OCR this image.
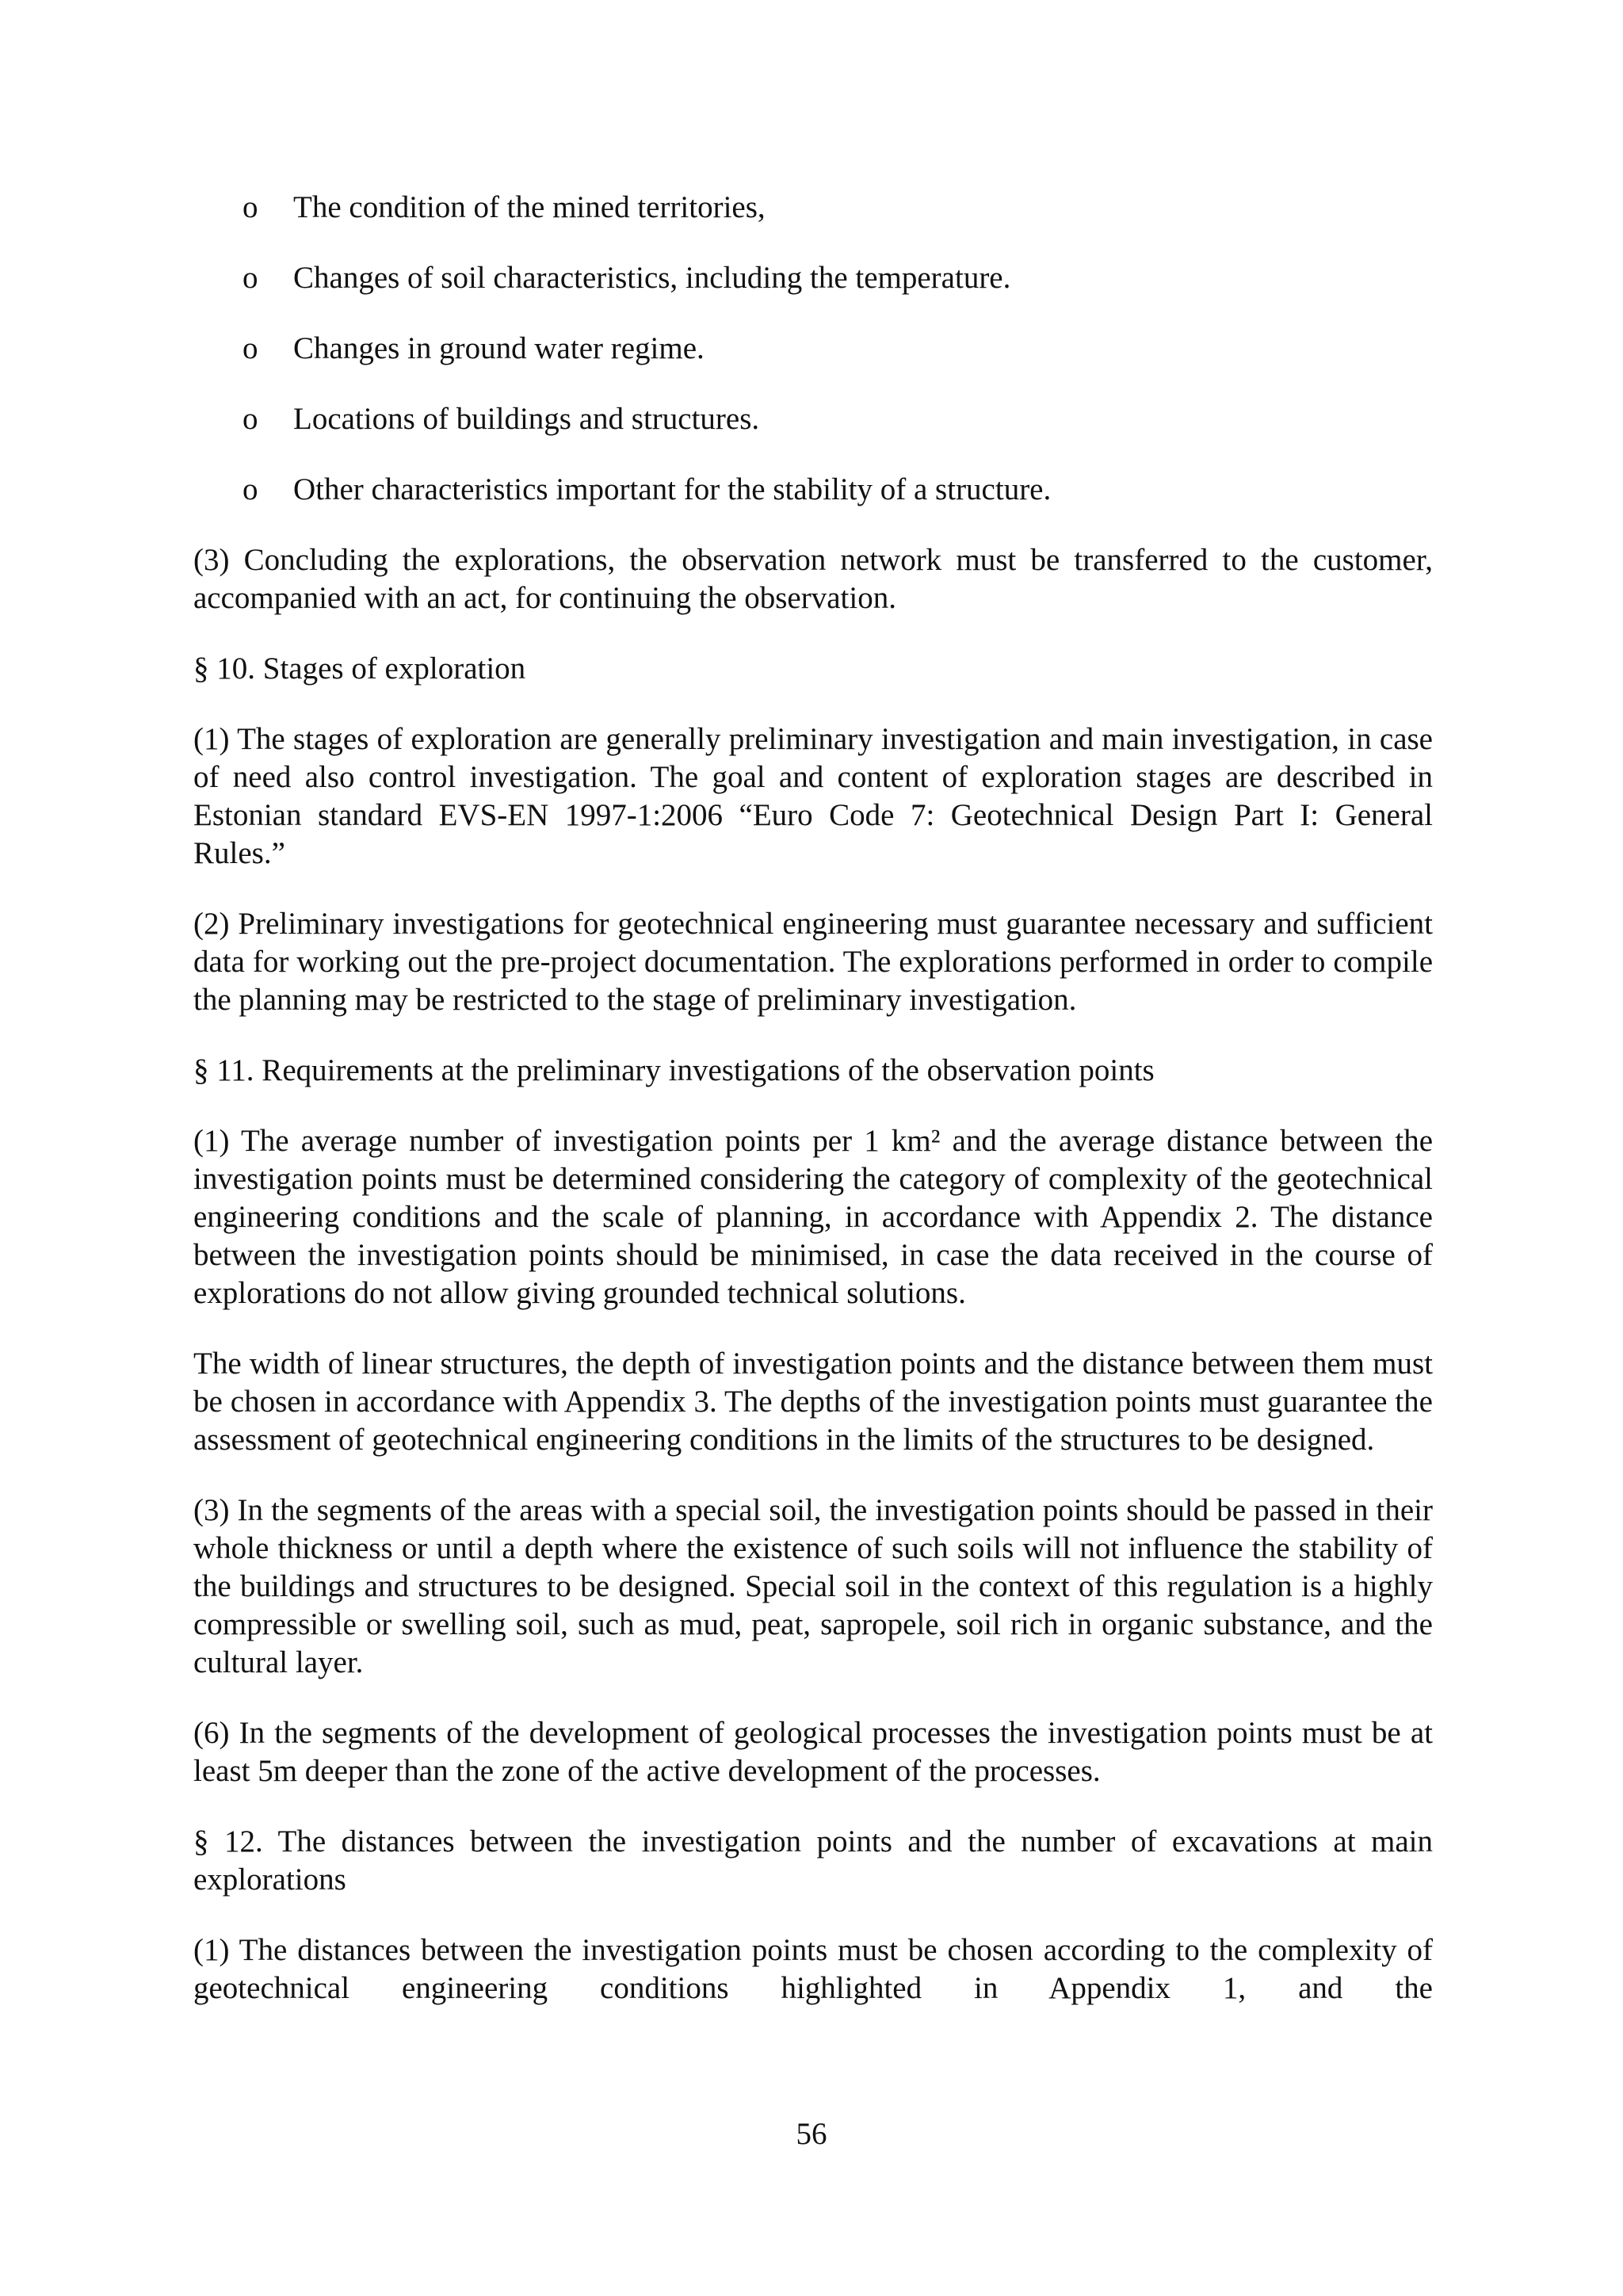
o The condition of the mined territories,
o Changes of soil characteristics, including the temperature.
o Changes in ground water regime.
o Locations of buildings and structures.
o Other characteristics important for the stability of a structure.

(3) Concluding the explorations, the observation network must be transferred to the customer, accompanied with an act, for continuing the observation.

§ 10. Stages of exploration

(1) The stages of exploration are generally preliminary investigation and main investigation, in case of need also control investigation. The goal and content of exploration stages are described in Estonian standard EVS-EN 1997-1:2006 “Euro Code 7: Geotechnical Design Part I: General Rules.”

(2) Preliminary investigations for geotechnical engineering must guarantee necessary and sufficient data for working out the pre-project documentation. The explorations performed in order to compile the planning may be restricted to the stage of preliminary investigation.

§ 11. Requirements at the preliminary investigations of the observation points

(1) The average number of investigation points per 1 km² and the average distance between the investigation points must be determined considering the category of complexity of the geotechnical engineering conditions and the scale of planning, in accordance with Appendix 2. The distance between the investigation points should be minimised, in case the data received in the course of explorations do not allow giving grounded technical solutions.

The width of linear structures, the depth of investigation points and the distance between them must be chosen in accordance with Appendix 3. The depths of the investigation points must guarantee the assessment of geotechnical engineering conditions in the limits of the structures to be designed.

(3) In the segments of the areas with a special soil, the investigation points should be passed in their whole thickness or until a depth where the existence of such soils will not influence the stability of the buildings and structures to be designed. Special soil in the context of this regulation is a highly compressible or swelling soil, such as mud, peat, sapropele, soil rich in organic substance, and the cultural layer.

(6) In the segments of the development of geological processes the investigation points must be at least 5m deeper than the zone of the active development of the processes.

§ 12. The distances between the investigation points and the number of excavations at main explorations

(1) The distances between the investigation points must be chosen according to the complexity of geotechnical engineering conditions highlighted in Appendix 1, and the

56
